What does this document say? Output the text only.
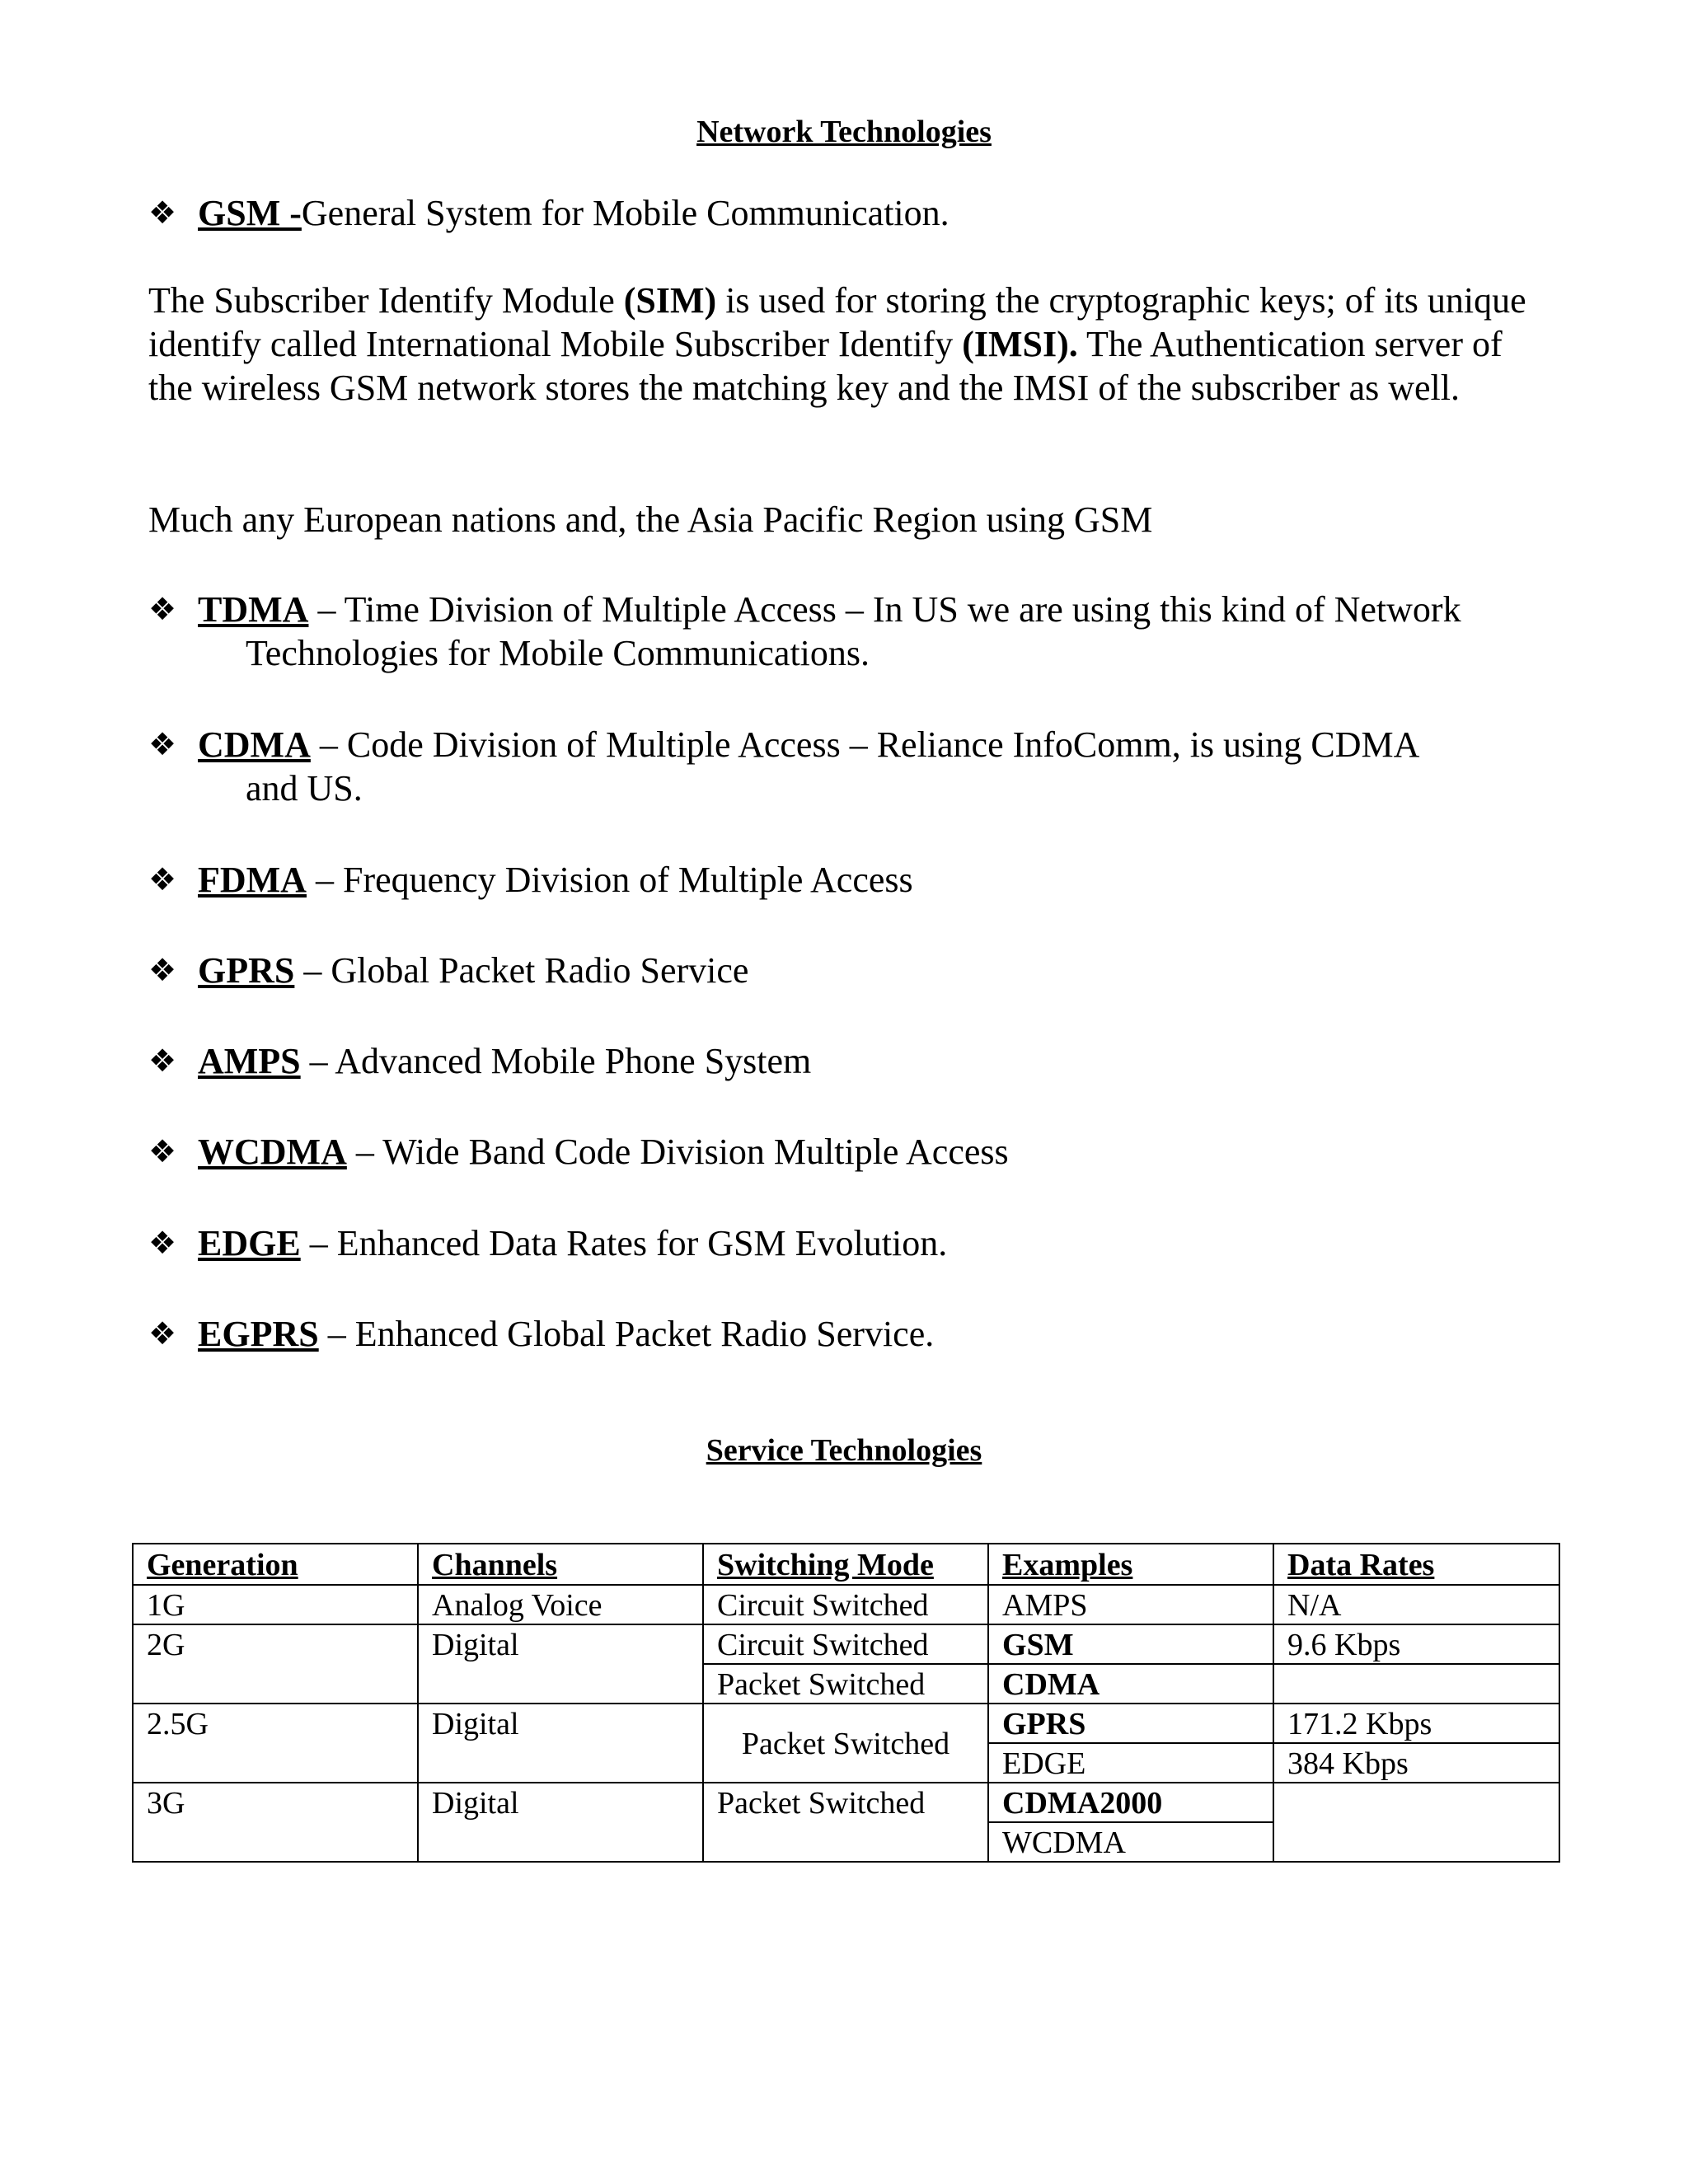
Network Technologies
❖ GSM -General System for Mobile Communication.
The Subscriber Identify Module (SIM) is used for storing the cryptographic keys; of its unique identify called International Mobile Subscriber Identify (IMSI). The Authentication server of the wireless GSM network stores the matching key and the IMSI of the subscriber as well.
Much any European nations and, the Asia Pacific Region using GSM
❖ TDMA – Time Division of Multiple Access – In US we are using this kind of Network
Technologies for Mobile Communications.
❖ CDMA – Code Division of Multiple Access – Reliance InfoComm, is using CDMA
and US.
❖ FDMA – Frequency Division of Multiple Access
❖ GPRS – Global Packet Radio Service
❖ AMPS – Advanced Mobile Phone System
❖ WCDMA – Wide Band Code Division Multiple Access
❖ EDGE – Enhanced Data Rates for GSM Evolution.
❖ EGPRS – Enhanced Global Packet Radio Service.
Service Technologies
Generation	Channels	Switching Mode	Examples	Data Rates
1G	Analog Voice	Circuit Switched	AMPS	N/A
2G	Digital	Circuit Switched	GSM	9.6 Kbps
		Packet Switched	CDMA	
2.5G	Digital	Packet Switched	GPRS	171.2 Kbps
			EDGE	384 Kbps
3G	Digital	Packet Switched	CDMA2000	
			WCDMA	
